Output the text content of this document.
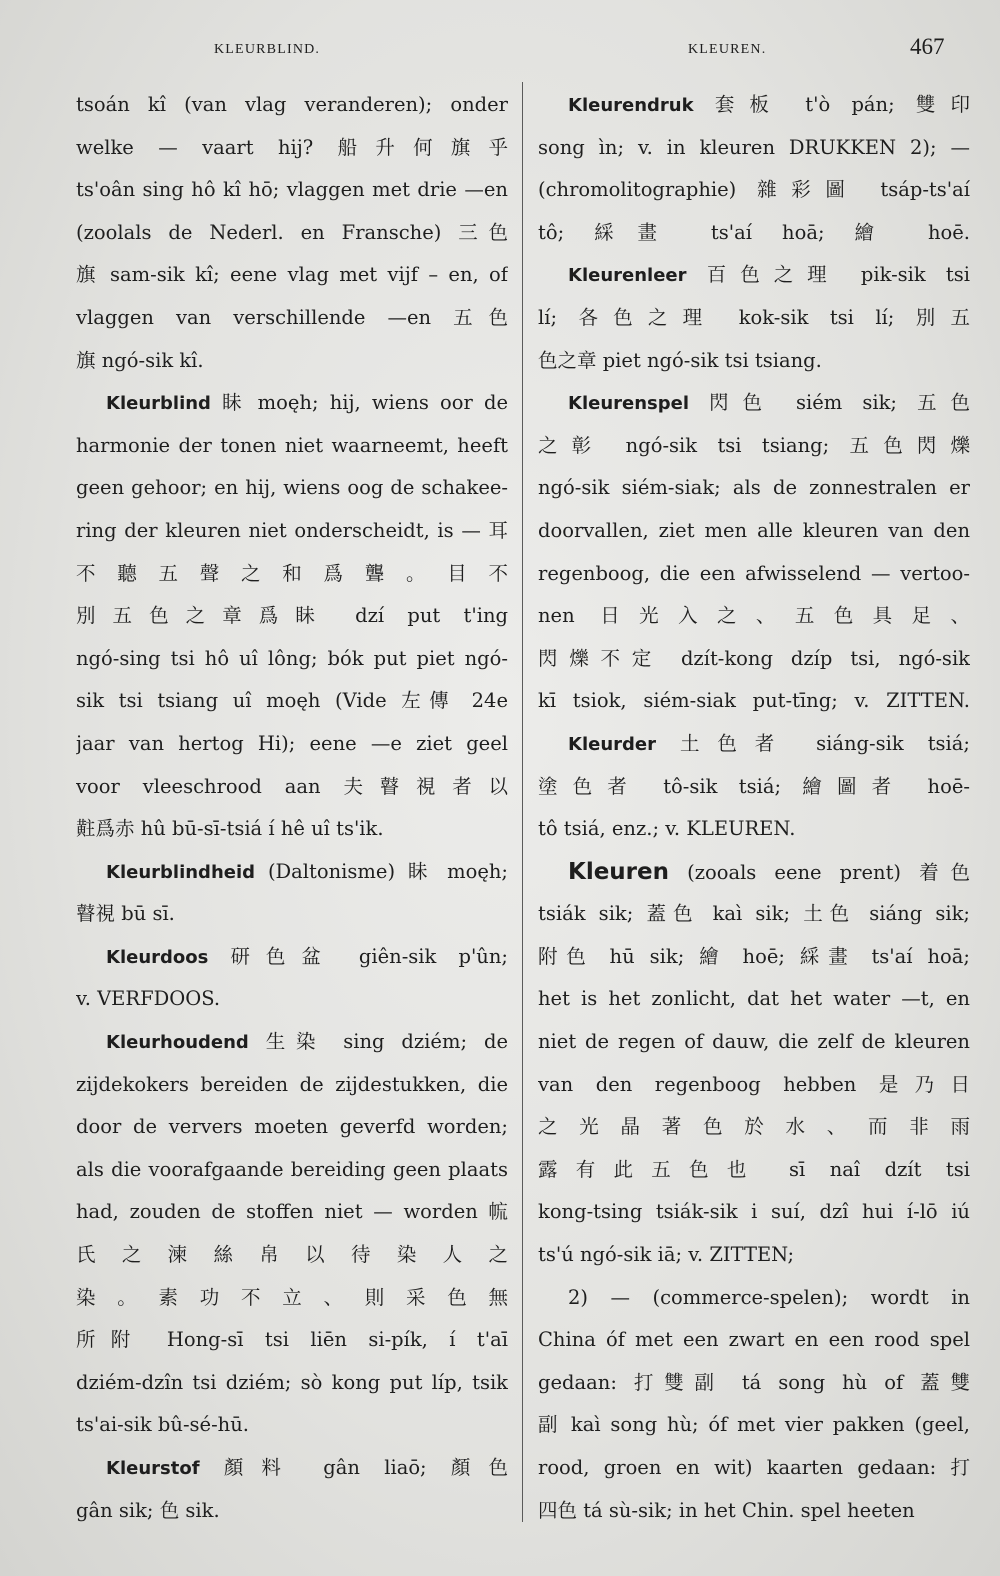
KLEURBLIND.	KLEUREN.	467
tsoán kî (van vlag veranderen); onder
welke — vaart hij? 船升何旗乎
ts'oân sing hô kî hō; vlaggen met drie —en
(zoolals de Nederl. en Fransche) 三色
旗 sam-sik kî; eene vlag met vijf – en, of
vlaggen van verschillende —en 五色
旗 ngó-sik kî.
Kleurblind 眛 moęh; hij, wiens oor de
harmonie der tonen niet waarneemt, heeft
geen gehoor; en hij, wiens oog de schakee-
ring der kleuren niet onderscheidt, is — 耳
不聽五聲之和爲聾。目不
別五色之章爲眛 dzí put t'ing
ngó-sing tsi hô uî lông; bók put piet ngó-
sik tsi tsiang uî moęh (Vide 左傳 24e
jaar van hertog Hi); eene —e ziet geel
voor vleeschrood aan 夫瞽視者以
黈爲赤 hû bū-sī-tsiá í hê uî ts'ik.
Kleurblindheid (Daltonisme) 眛 moęh;
瞽視 bū sī.
Kleurdoos 研色盆 giên-sik p'ûn;
v. VERFDOOS.
Kleurhoudend 生染 sing dziém; de
zijdekokers bereiden de zijdestukken, die
door de ververs moeten geverfd worden;
als die voorafgaande bereiding geen plaats
had, zouden de stoffen niet — worden 㡆
氏之湅絲帛以待染人之
染。素功不立、則采色無
所附 Hong-sī tsi liēn si-pík, í t'aī
dziém-dzîn tsi dziém; sò kong put líp, tsik
ts'ai-sik bû-sé-hū.
Kleurstof 顏料 gân liaō; 顏色
gân sik; 色 sik.
Kleurendruk 套板 t'ò pán; 雙印
song ìn; v. in kleuren DRUKKEN 2); —
(chromolitographie) 雜彩圖 tsáp-ts'aí
tô; 綵畫 ts'aí hoā; 繪 hoē.
Kleurenleer 百色之理 pik-sik tsi
lí; 各色之理 kok-sik tsi lí; 別五
色之章 piet ngó-sik tsi tsiang.
Kleurenspel 閃色 siém sik; 五色
之彰 ngó-sik tsi tsiang; 五色閃爍
ngó-sik siém-siak; als de zonnestralen er
doorvallen, ziet men alle kleuren van den
regenboog, die een afwisselend — vertoo-
nen 日光入之、五色具足、
閃爍不定 dzít-kong dzíp tsi, ngó-sik
kī tsiok, siém-siak put-tīng; v. ZITTEN.
Kleurder 土色者 siáng-sik tsiá;
塗色者 tô-sik tsiá; 繪圖者 hoē-
tô tsiá, enz.; v. KLEUREN.
Kleuren (zooals eene prent) 着色
tsiák sik; 蓋色 kaì sik; 土色 siáng sik;
附色 hū sik; 繪 hoē; 綵畫 ts'aí hoā;
het is het zonlicht, dat het water —t, en
niet de regen of dauw, die zelf de kleuren
van den regenboog hebben 是乃日
之光晶著色於水、而非雨
露有此五色也 sī naî dzít tsi
kong-tsing tsiák-sik i suí, dzî hui í-lō iú
ts'ú ngó-sik iā; v. ZITTEN;
2) — (commerce-spelen); wordt in
China óf met een zwart en een rood spel
gedaan: 打雙副 tá song hù of 蓋雙
副 kaì song hù; óf met vier pakken (geel,
rood, groen en wit) kaarten gedaan: 打
四色 tá sù-sik; in het Chin. spel heeten
